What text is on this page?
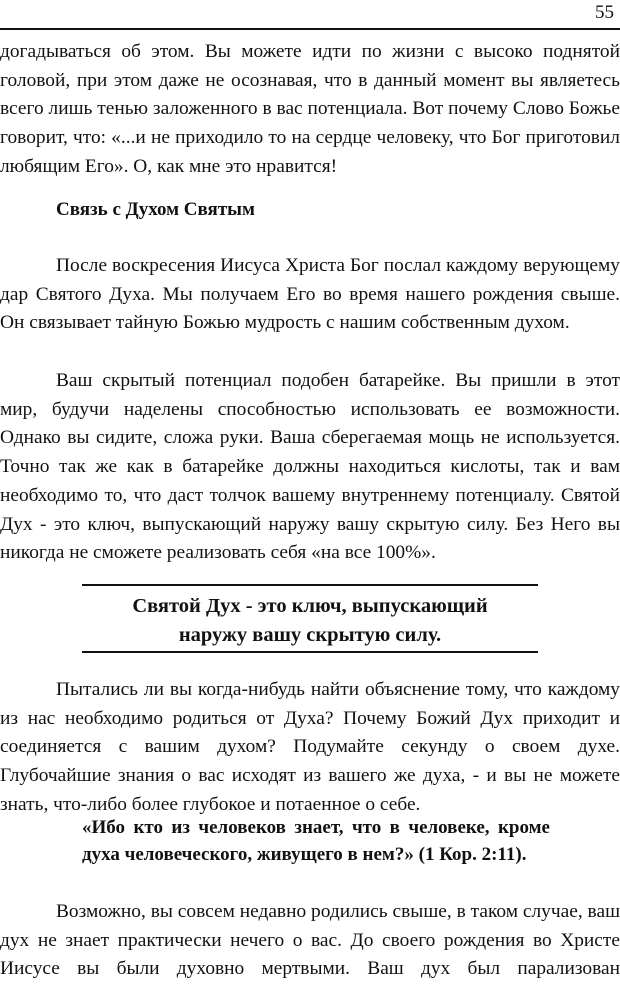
55

догадываться об этом. Вы можете идти по жизни с высоко поднятой головой, при этом даже не осознавая, что в данный момент вы являетесь всего лишь тенью заложенного в вас потенциала. Вот почему Слово Божье говорит, что: «...и не приходило то на сердце человеку, что Бог приготовил любящим Его». О, как мне это нравится!

Связь с Духом Святым

После воскресения Иисуса Христа Бог послал каждому верующему дар Святого Духа. Мы получаем Его во время нашего рождения свыше. Он связывает тайную Божью мудрость с нашим собственным духом.

Ваш скрытый потенциал подобен батарейке. Вы пришли в этот мир, будучи наделены способностью использовать ее возможности. Однако вы сидите, сложа руки. Ваша сберегаемая мощь не используется. Точно так же как в батарейке должны находиться кислоты, так и вам необходимо то, что даст толчок вашему внутреннему потенциалу. Святой Дух - это ключ, выпускающий наружу вашу скрытую силу. Без Него вы никогда не сможете реализовать себя «на все 100%».

Святой Дух - это ключ, выпускающий
наружу вашу скрытую силу.

Пытались ли вы когда-нибудь найти объяснение тому, что каждому из нас необходимо родиться от Духа? Почему Божий Дух приходит и соединяется с вашим духом? Подумайте секунду о своем духе. Глубочайшие знания о вас исходят из вашего же духа, - и вы не можете знать, что-либо более глубокое и потаенное о себе.

«Ибо кто из человеков знает, что в человеке, кроме духа человеческого, живущего в нем?» (1 Кор. 2:11).

Возможно, вы совсем недавно родились свыше, в таком случае, ваш дух не знает практически нечего о вас. До своего рождения во Христе Иисусе вы были духовно мертвыми. Ваш дух был парализован
